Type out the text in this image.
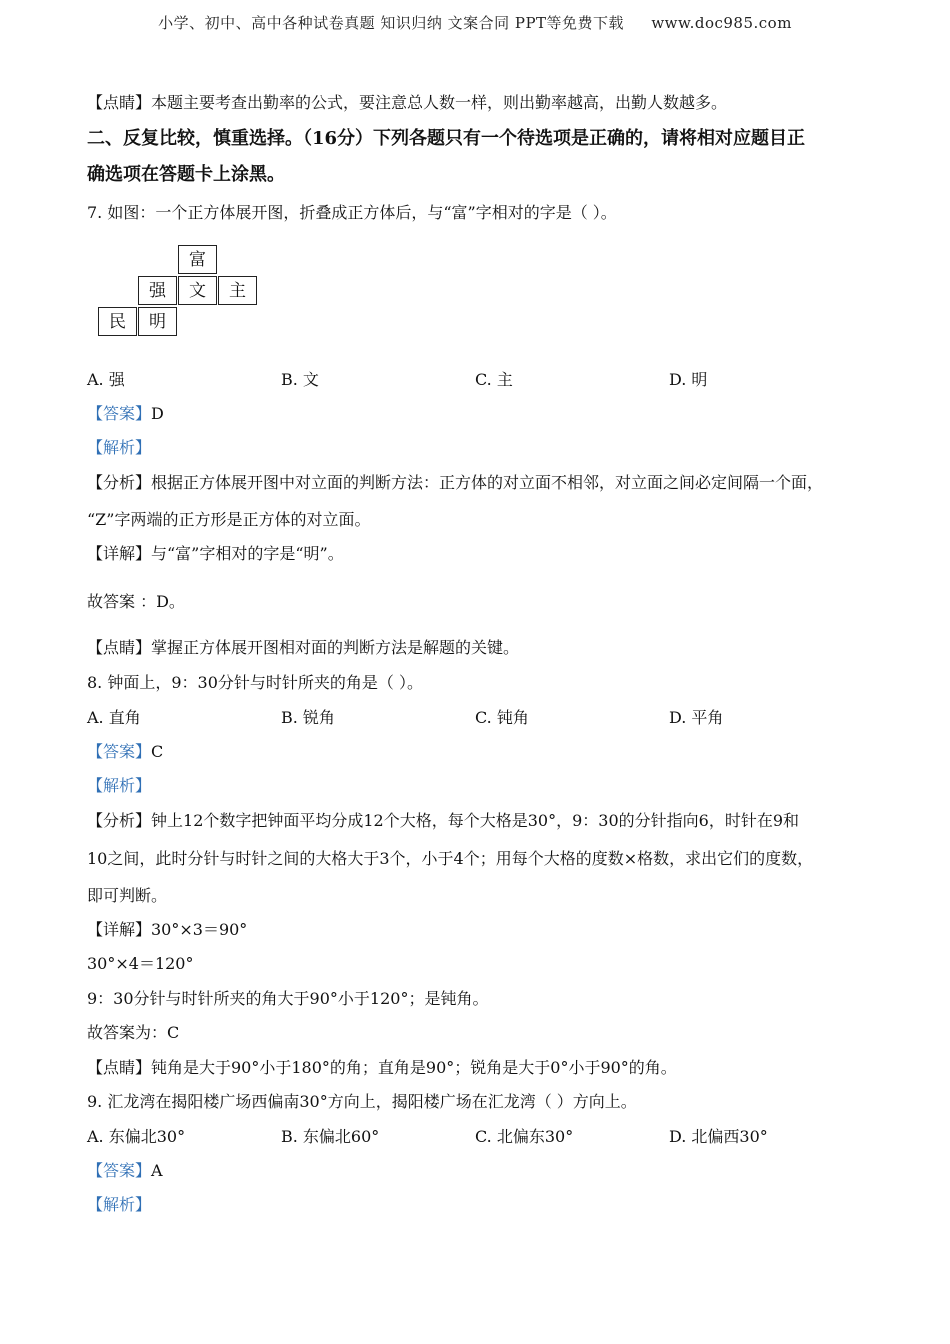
小学、初中、高中各种试卷真题 知识归纳 文案合同 PPT等免费下载 www.doc985.com
【点睛】本题主要考查出勤率的公式，要注意总人数一样，则出勤率越高，出勤人数越多。
二、反复比较，慎重选择。（16分）下列各题只有一个待选项是正确的，请将相对应题目正
确选项在答题卡上涂黑。
7. 如图：一个正方体展开图，折叠成正方体后，与“富”字相对的字是（ ）。
富
强	文	主
民	明
A. 强	B. 文	C. 主	D. 明
【答案】D
【解析】
【分析】根据正方体展开图中对立面的判断方法：正方体的对立面不相邻，对立面之间必定间隔一个面，
“Z”字两端的正方形是正方体的对立面。
【详解】与“富”字相对的字是“明”。
故答案 ：D。
【点睛】掌握正方体展开图相对面的判断方法是解题的关键。
8. 钟面上，9：30分针与时针所夹的角是（ ）。
A. 直角	B. 锐角	C. 钝角	D. 平角
【答案】C
【解析】
【分析】钟上12个数字把钟面平均分成12个大格，每个大格是30°，9：30的分针指向6，时针在9和
10之间，此时分针与时针之间的大格大于3个，小于4个；用每个大格的度数×格数，求出它们的度数，
即可判断。
【详解】30°×3＝90°
30°×4＝120°
9：30分针与时针所夹的角大于90°小于120°；是钝角。
故答案为：C
【点睛】钝角是大于90°小于180°的角；直角是90°；锐角是大于0°小于90°的角。
9. 汇龙湾在揭阳楼广场西偏南30°方向上，揭阳楼广场在汇龙湾（ ）方向上。
A. 东偏北30°	B. 东偏北60°	C. 北偏东30°	D. 北偏西30°
【答案】A
【解析】
